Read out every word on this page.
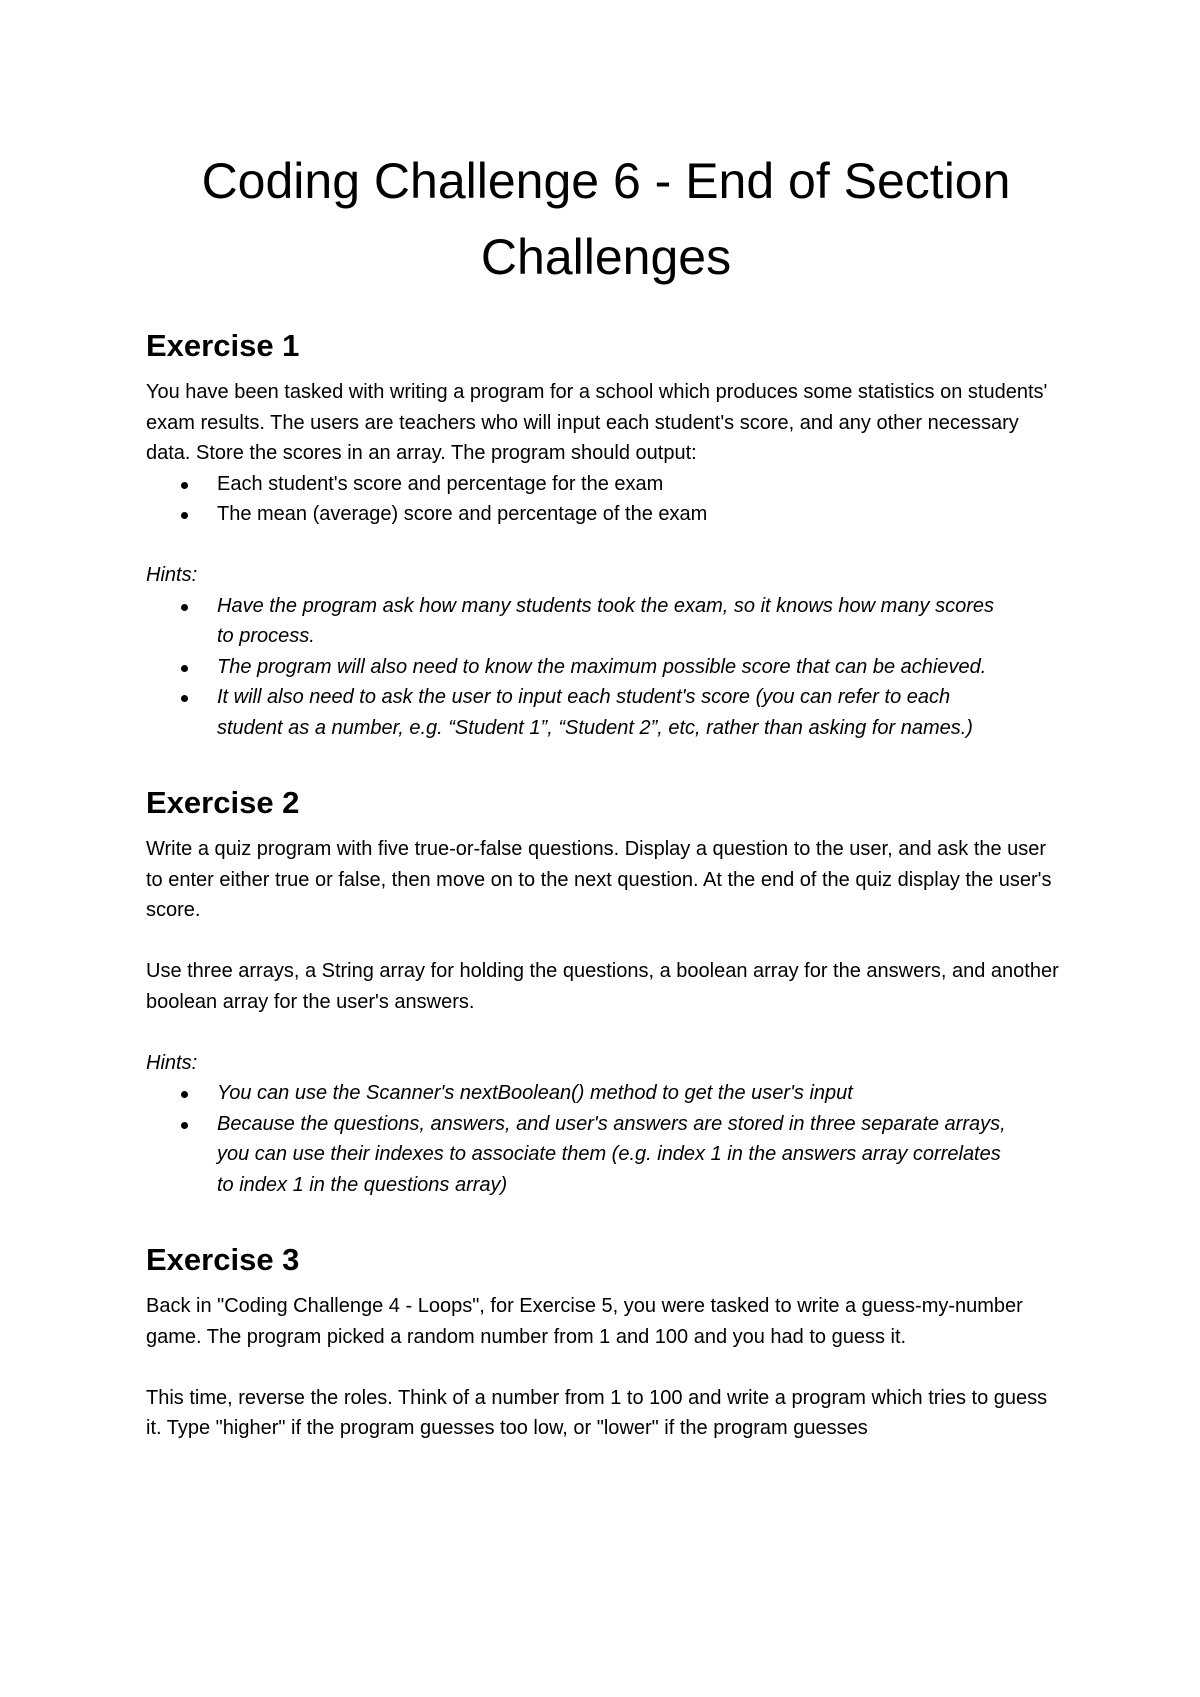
Coding Challenge 6 - End of Section
Challenges
Exercise 1

You have been tasked with writing a program for a school which produces some statistics on students' exam results. The users are teachers who will input each student's score, and any other necessary data. Store the scores in an array. The program should output:

Each student's score and percentage for the exam
The mean (average) score and percentage of the exam

Hints:

Have the program ask how many students took the exam, so it knows how many scores to process.
The program will also need to know the maximum possible score that can be achieved.
It will also need to ask the user to input each student's score (you can refer to each student as a number, e.g. “Student 1”, “Student 2”, etc, rather than asking for names.)
Exercise 2

Write a quiz program with five true-or-false questions. Display a question to the user, and ask the user to enter either true or false, then move on to the next question. At the end of the quiz display the user's score.

Use three arrays, a String array for holding the questions, a boolean array for the answers, and another boolean array for the user's answers.

Hints:

You can use the Scanner's nextBoolean() method to get the user's input
Because the questions, answers, and user's answers are stored in three separate arrays, you can use their indexes to associate them (e.g. index 1 in the answers array correlates to index 1 in the questions array)
Exercise 3

Back in "Coding Challenge 4 - Loops", for Exercise 5, you were tasked to write a guess-my-number game. The program picked a random number from 1 and 100 and you had to guess it.

This time, reverse the roles. Think of a number from 1 to 100 and write a program which tries to guess it. Type "higher" if the program guesses too low, or "lower" if the program guesses
